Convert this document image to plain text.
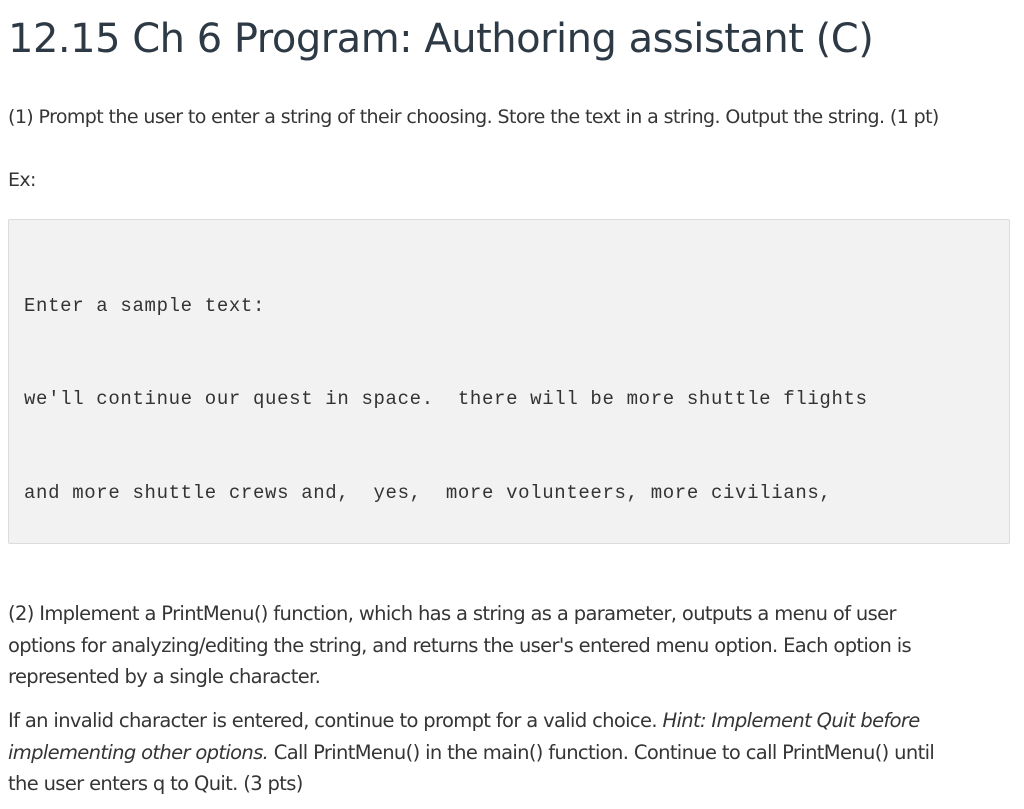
12.15 Ch 6 Program: Authoring assistant (C)

(1) Prompt the user to enter a string of their choosing. Store the text in a string. Output the string. (1 pt)

Ex:

Enter a sample text:

we'll continue our quest in space.  there will be more shuttle flights

and more shuttle crews and,  yes,  more volunteers, more civilians,

(2) Implement a PrintMenu() function, which has a string as a parameter, outputs a menu of user
options for analyzing/editing the string, and returns the user's entered menu option. Each option is
represented by a single character.

If an invalid character is entered, continue to prompt for a valid choice. Hint: Implement Quit before
implementing other options. Call PrintMenu() in the main() function. Continue to call PrintMenu() until
the user enters q to Quit. (3 pts)
